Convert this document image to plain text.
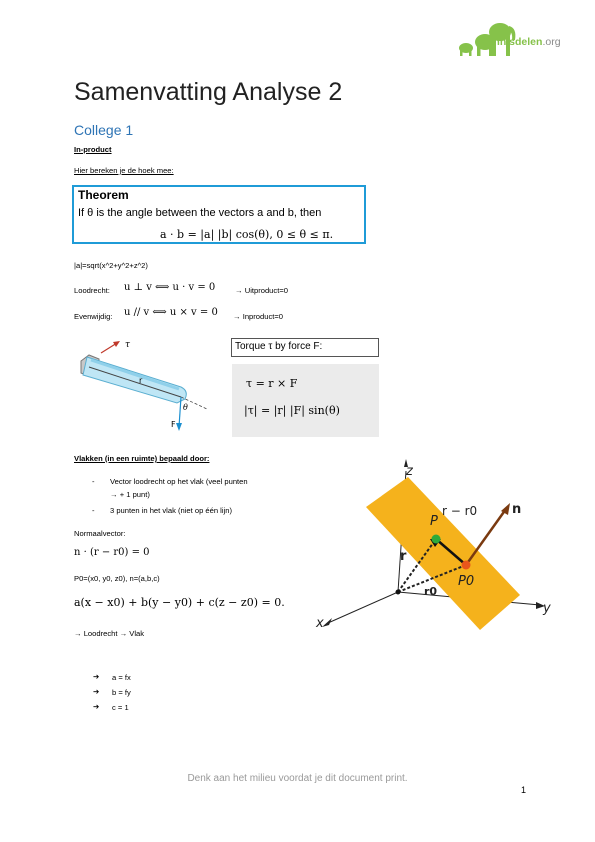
Kennisdelen.org
Samenvatting Analyse 2
College 1
In-product
Hier bereken je de hoek mee:
Theorem
If θ is the angle between the vectors a and b, then
a · b = |a| |b| cos(θ), 0 ≤ θ ≤ π.
|a|=sqrt(x^2+y^2+z^2)
Loodrecht: u ⊥ v ⟺ u · v = 0	→ Uitproduct=0
Evenwijdig: u // v ⟺ u × v = 0 → Inproduct=0
τ
r
θ
F
Torque τ by force F:
τ = r × F
|τ| = |r| |F| sin(θ)
Vlakken (in een ruimte) bepaald door:
- Vector loodrecht op het vlak (veel punten
→ + 1 punt)
- 3 punten in het vlak (niet op één lijn)
Normaalvector:
n · (r − r0) = 0
P0=(x0, y0, z0), n=(a,b,c)
a(x − x0) + b(y − y0) + c(z − z0) = 0.
→ Loodrecht → Vlak
➔ a = fx
➔ b = fy
➔ c = 1
z
y
x
n
r − r0
P
P0
r
r0
Denk aan het milieu voordat je dit document print.
1
